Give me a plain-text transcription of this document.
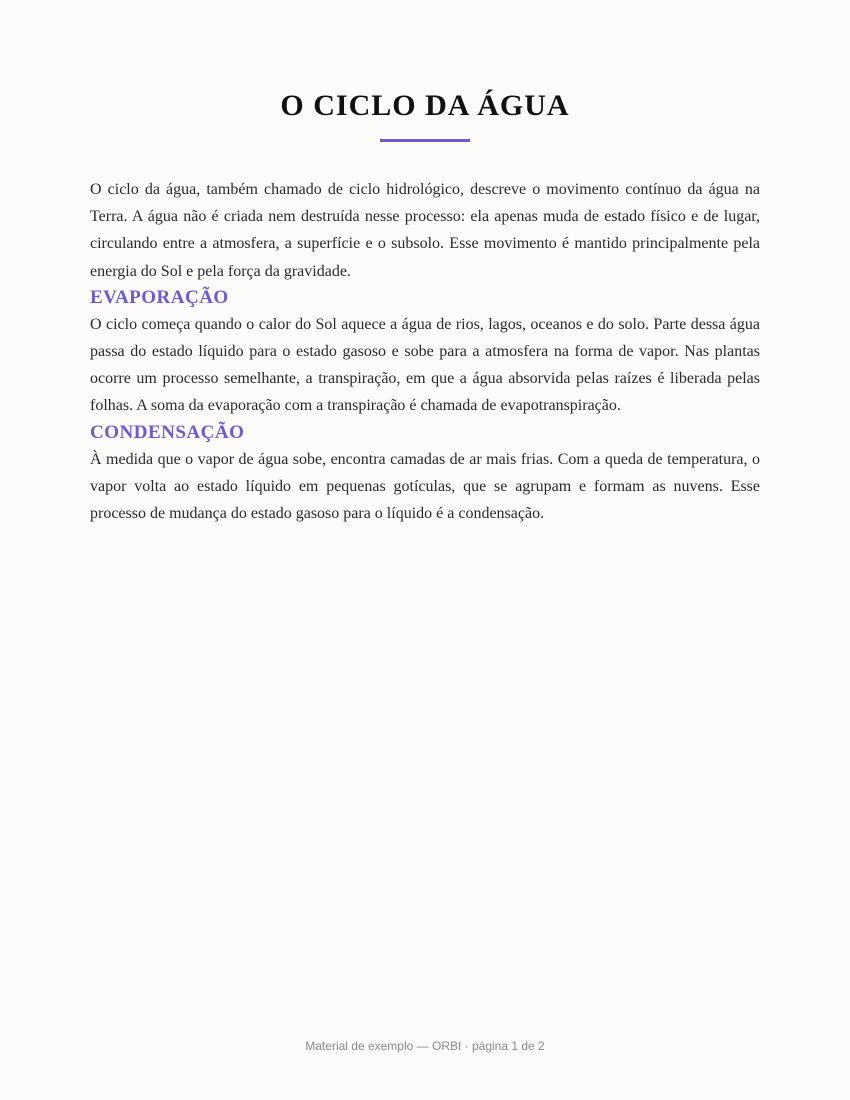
O CICLO DA ÁGUA

O ciclo da água, também chamado de ciclo hidrológico, descreve o movimento contínuo da água na Terra. A água não é criada nem destruída nesse processo: ela apenas muda de estado físico e de lugar, circulando entre a atmosfera, a superfície e o subsolo. Esse movimento é mantido principalmente pela energia do Sol e pela força da gravidade.

EVAPORAÇÃO

O ciclo começa quando o calor do Sol aquece a água de rios, lagos, oceanos e do solo. Parte dessa água passa do estado líquido para o estado gasoso e sobe para a atmosfera na forma de vapor. Nas plantas ocorre um processo semelhante, a transpiração, em que a água absorvida pelas raízes é liberada pelas folhas. A soma da evaporação com a transpiração é chamada de evapotranspiração.

CONDENSAÇÃO

À medida que o vapor de água sobe, encontra camadas de ar mais frias. Com a queda de temperatura, o vapor volta ao estado líquido em pequenas gotículas, que se agrupam e formam as nuvens. Esse processo de mudança do estado gasoso para o líquido é a condensação.

Material de exemplo — ORBI · página 1 de 2
